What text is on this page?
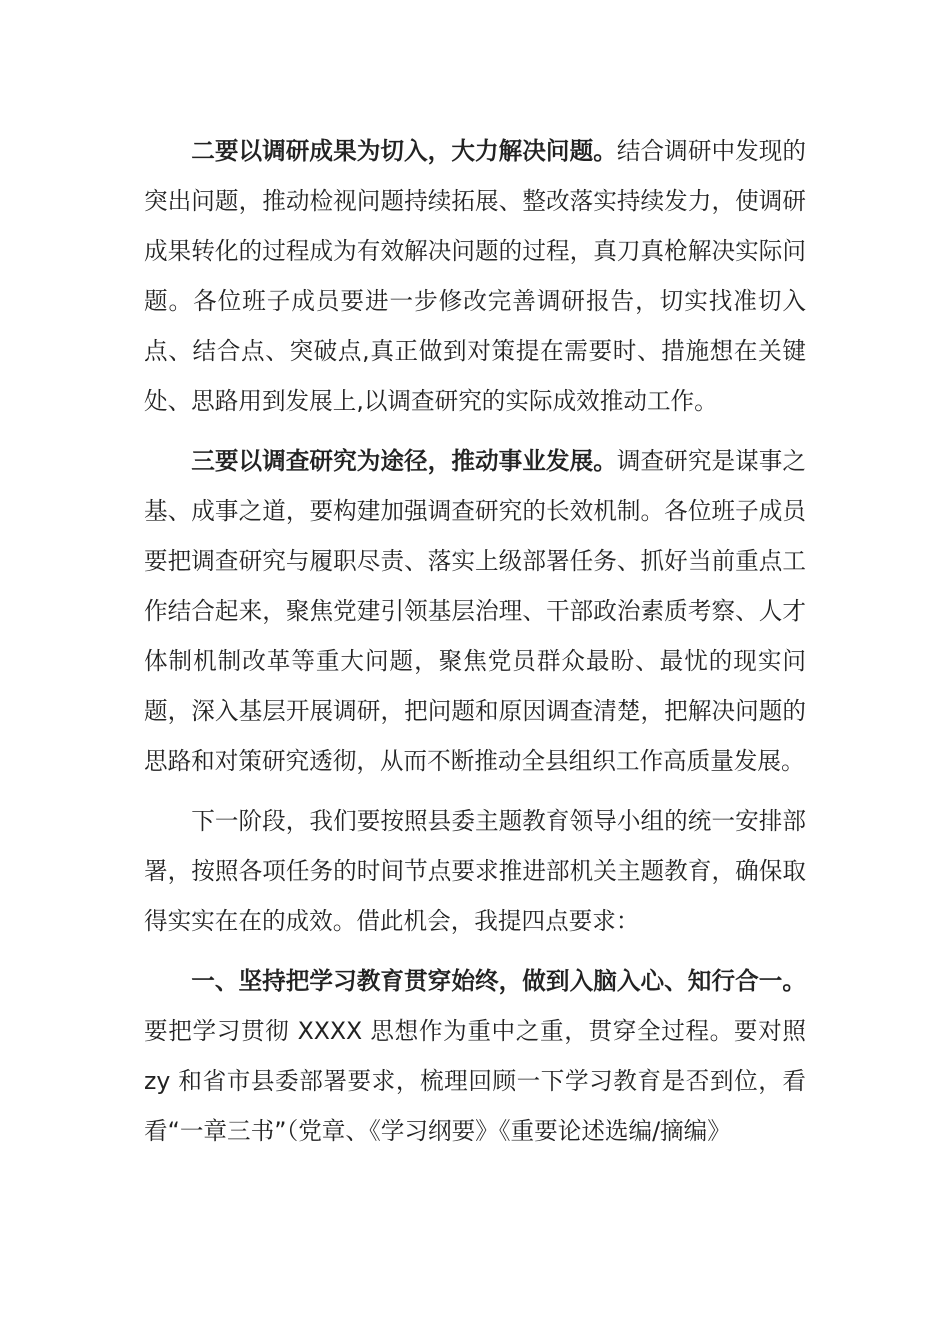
二要以调研成果为切入，大力解决问题。结合调研中发现的突出问题，推动检视问题持续拓展、整改落实持续发力，使调研成果转化的过程成为有效解决问题的过程，真刀真枪解决实际问题。各位班子成员要进一步修改完善调研报告，切实找准切入点、结合点、突破点,真正做到对策提在需要时、措施想在关键处、思路用到发展上,以调查研究的实际成效推动工作。

三要以调查研究为途径，推动事业发展。调查研究是谋事之基、成事之道，要构建加强调查研究的长效机制。各位班子成员要把调查研究与履职尽责、落实上级部署任务、抓好当前重点工作结合起来，聚焦党建引领基层治理、干部政治素质考察、人才体制机制改革等重大问题，聚焦党员群众最盼、最忧的现实问题，深入基层开展调研，把问题和原因调查清楚，把解决问题的思路和对策研究透彻，从而不断推动全县组织工作高质量发展。

下一阶段，我们要按照县委主题教育领导小组的统一安排部署，按照各项任务的时间节点要求推进部机关主题教育，确保取得实实在在的成效。借此机会，我提四点要求：

一、坚持把学习教育贯穿始终，做到入脑入心、知行合一。要把学习贯彻 XXXX 思想作为重中之重，贯穿全过程。要对照 zy 和省市县委部署要求，梳理回顾一下学习教育是否到位，看看“一章三书”（党章、《学习纲要》《重要论述选编/摘编》
